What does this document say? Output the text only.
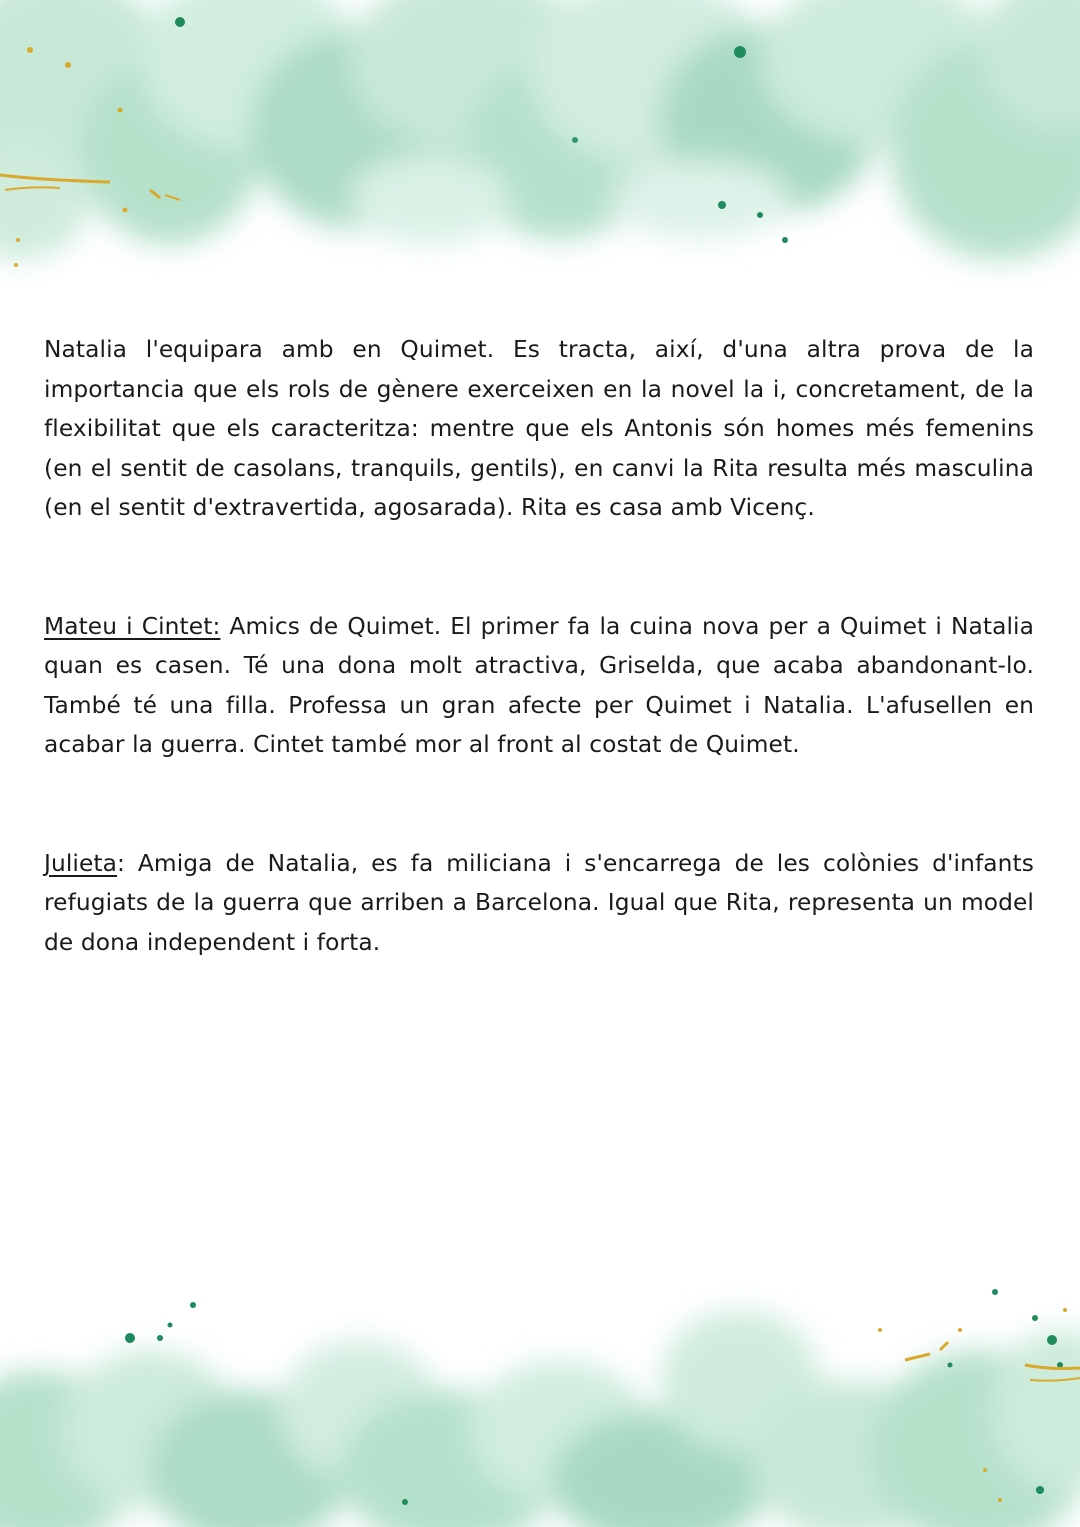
Natalia l'equipara amb en Quimet. Es tracta, així, d'una altra prova de la importancia que els rols de gènere exerceixen en la novel la i, concretament, de la flexibilitat que els caracteritza: mentre que els Antonis són homes més femenins (en el sentit de casolans, tranquils, gentils), en canvi la Rita resulta més masculina (en el sentit d'extravertida, agosarada). Rita es casa amb Vicenç.

Mateu i Cintet: Amics de Quimet. El primer fa la cuina nova per a Quimet i Natalia quan es casen. Té una dona molt atractiva, Griselda, que acaba abandonant-lo. També té una filla. Professa un gran afecte per Quimet i Natalia. L'afusellen en acabar la guerra. Cintet també mor al front al costat de Quimet.

Julieta: Amiga de Natalia, es fa miliciana i s'encarrega de les colònies d'infants refugiats de la guerra que arriben a Barcelona. Igual que Rita, representa un model de dona independent i forta.
